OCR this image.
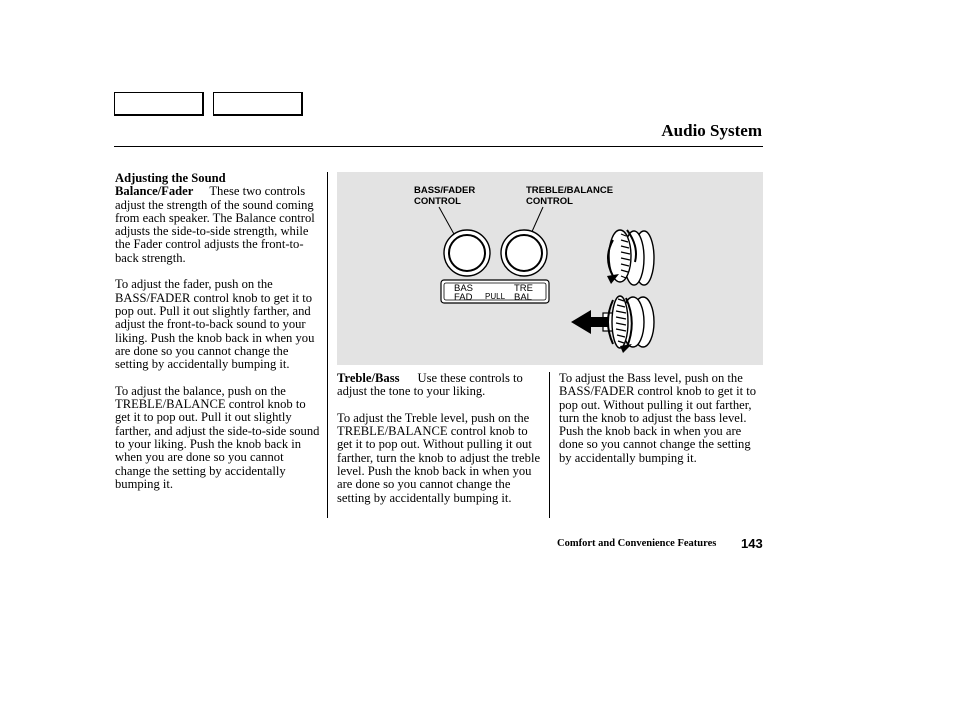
Audio System

Adjusting the Sound
Balance/Fader These two controls adjust the strength of the sound coming from each speaker. The Balance control adjusts the side-to-side strength, while the Fader control adjusts the front-to-back strength.

To adjust the fader, push on the BASS/FADER control knob to get it to pop out. Pull it out slightly farther, and adjust the front-to-back sound to your liking. Push the knob back in when you are done so you cannot change the setting by accidentally bumping it.

To adjust the balance, push on the TREBLE/BALANCE control knob to get it to pop out. Pull it out slightly farther, and adjust the side-to-side sound to your liking. Push the knob back in when you are done so you cannot change the setting by accidentally bumping it.

BASS/FADER CONTROL
TREBLE/BALANCE CONTROL
BAS
FAD PULL
TRE
BAL

Treble/Bass Use these controls to adjust the tone to your liking.

To adjust the Treble level, push on the TREBLE/BALANCE control knob to get it to pop out. Without pulling it out farther, turn the knob to adjust the treble level. Push the knob back in when you are done so you cannot change the setting by accidentally bumping it.

To adjust the Bass level, push on the BASS/FADER control knob to get it to pop out. Without pulling it out farther, turn the knob to adjust the bass level. Push the knob back in when you are done so you cannot change the setting by accidentally bumping it.

Comfort and Convenience Features 143
